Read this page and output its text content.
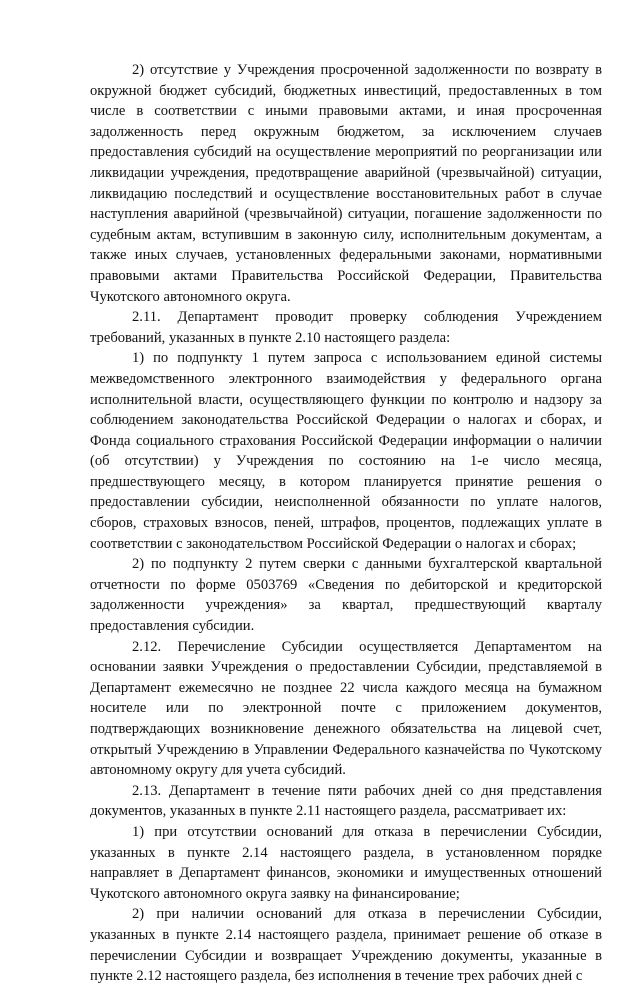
2) отсутствие у Учреждения просроченной задолженности по возврату в окружной бюджет субсидий, бюджетных инвестиций, предоставленных в том числе в соответствии с иными правовыми актами, и иная просроченная задолженность перед окружным бюджетом, за исключением случаев предоставления субсидий на осуществление мероприятий по реорганизации или ликвидации учреждения, предотвращение аварийной (чрезвычайной) ситуации, ликвидацию последствий и осуществление восстановительных работ в случае наступления аварийной (чрезвычайной) ситуации, погашение задолженности по судебным актам, вступившим в законную силу, исполнительным документам, а также иных случаев, установленных федеральными законами, нормативными правовыми актами Правительства Российской Федерации, Правительства Чукотского автономного округа.

2.11. Департамент проводит проверку соблюдения Учреждением требований, указанных в пункте 2.10 настоящего раздела:

1) по подпункту 1 путем запроса с использованием единой системы межведомственного электронного взаимодействия у федерального органа исполнительной власти, осуществляющего функции по контролю и надзору за соблюдением законодательства Российской Федерации о налогах и сборах, и Фонда социального страхования Российской Федерации информации о наличии (об отсутствии) у Учреждения по состоянию на 1-е число месяца, предшествующего месяцу, в котором планируется принятие решения о предоставлении субсидии, неисполненной обязанности по уплате налогов, сборов, страховых взносов, пеней, штрафов, процентов, подлежащих уплате в соответствии с законодательством Российской Федерации о налогах и сборах;

2) по подпункту 2 путем сверки с данными бухгалтерской квартальной отчетности по форме 0503769 «Сведения по дебиторской и кредиторской задолженности учреждения» за квартал, предшествующий кварталу предоставления субсидии.

2.12. Перечисление Субсидии осуществляется Департаментом на основании заявки Учреждения о предоставлении Субсидии, представляемой в Департамент ежемесячно не позднее 22 числа каждого месяца на бумажном носителе или по электронной почте с приложением документов, подтверждающих возникновение денежного обязательства на лицевой счет, открытый Учреждению в Управлении Федерального казначейства по Чукотскому автономному округу для учета субсидий.

2.13. Департамент в течение пяти рабочих дней со дня представления документов, указанных в пункте 2.11 настоящего раздела, рассматривает их:

1) при отсутствии оснований для отказа в перечислении Субсидии, указанных в пункте 2.14 настоящего раздела, в установленном порядке направляет в Департамент финансов, экономики и имущественных отношений Чукотского автономного округа заявку на финансирование;

2) при наличии оснований для отказа в перечислении Субсидии, указанных в пункте 2.14 настоящего раздела, принимает решение об отказе в перечислении Субсидии и возвращает Учреждению документы, указанные в пункте 2.12 настоящего раздела, без исполнения в течение трех рабочих дней с
